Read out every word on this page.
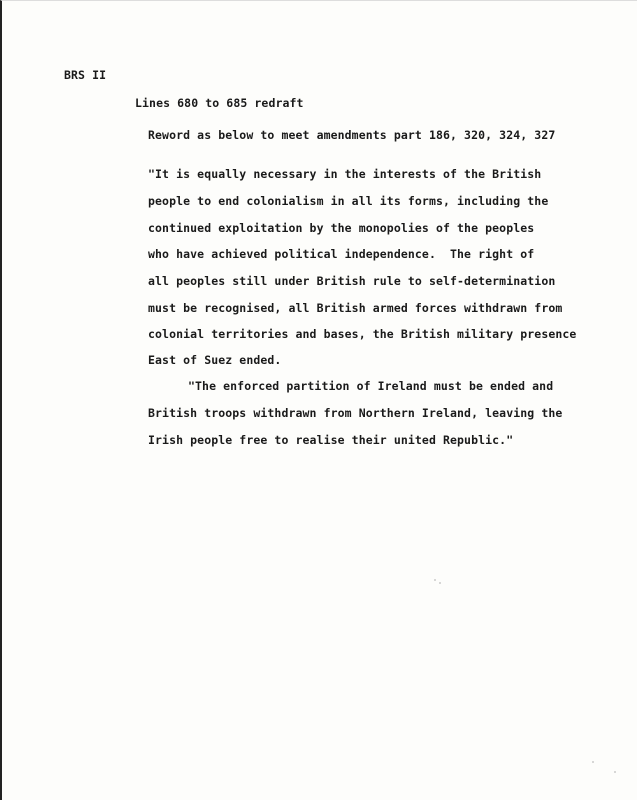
BRS II
Lines 680 to 685 redraft
Reword as below to meet amendments part 186, 320, 324, 327
"It is equally necessary in the interests of the British
people to end colonialism in all its forms, including the
continued exploitation by the monopolies of the peoples
who have achieved political independence.  The right of
all peoples still under British rule to self-determination
must be recognised, all British armed forces withdrawn from
colonial territories and bases, the British military presence
East of Suez ended.
"The enforced partition of Ireland must be ended and
British troops withdrawn from Northern Ireland, leaving the
Irish people free to realise their united Republic."
